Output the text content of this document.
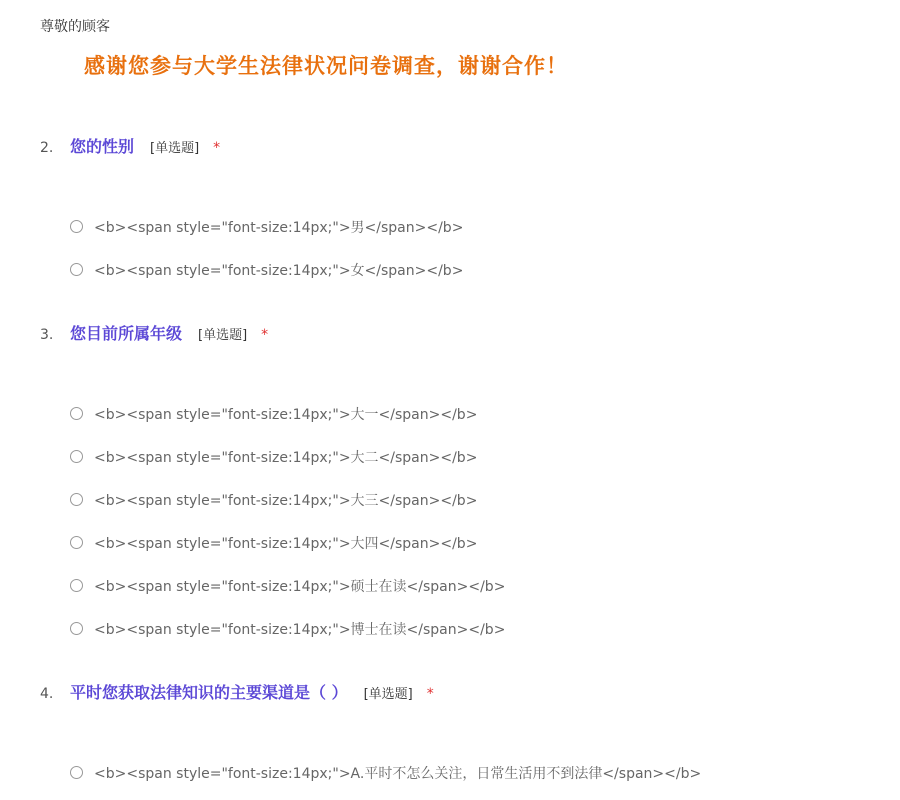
尊敬的顾客
感谢您参与大学生法律状况问卷调查，谢谢合作！
2.	您的性别 [单选题] *
<b><span style="font-size:14px;">男</span></b>
<b><span style="font-size:14px;">女</span></b>
3.	您目前所属年级 [单选题] *
<b><span style="font-size:14px;">大一</span></b>
<b><span style="font-size:14px;">大二</span></b>
<b><span style="font-size:14px;">大三</span></b>
<b><span style="font-size:14px;">大四</span></b>
<b><span style="font-size:14px;">硕士在读</span></b>
<b><span style="font-size:14px;">博士在读</span></b>
4.	平时您获取法律知识的主要渠道是（ ） [单选题] *
<b><span style="font-size:14px;">A.平时不怎么关注，日常生活用不到法律</span></b>
